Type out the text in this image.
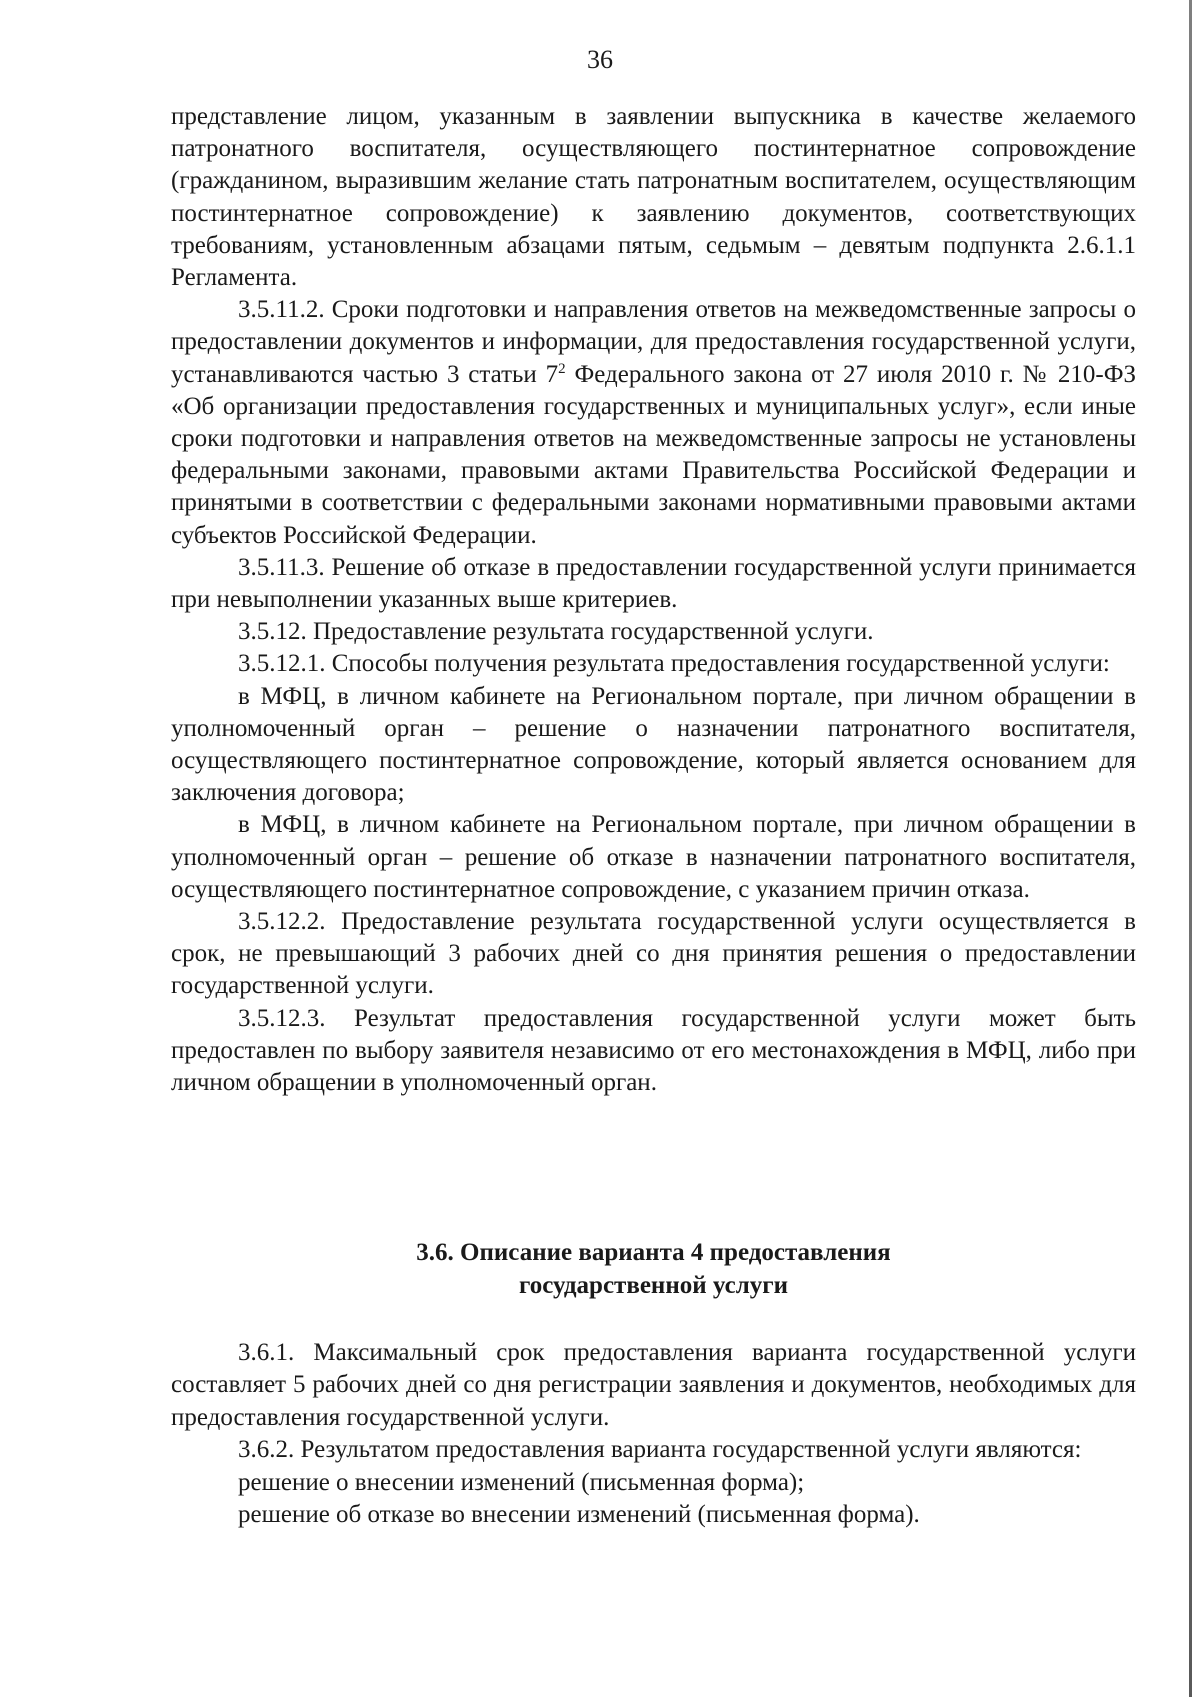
36

представление лицом, указанным в заявлении выпускника в качестве желаемого патронатного воспитателя, осуществляющего постинтернатное сопровождение (гражданином, выразившим желание стать патронатным воспитателем, осуществляющим постинтернатное сопровождение) к заявлению документов, соответствующих требованиям, установленным абзацами пятым, седьмым – девятым подпункта 2.6.1.1 Регламента.

3.5.11.2. Сроки подготовки и направления ответов на межведомственные запросы о предоставлении документов и информации, для предоставления государственной услуги, устанавливаются частью 3 статьи $7^2$ Федерального закона от 27 июля 2010 г. № 210-ФЗ «Об организации предоставления государственных и муниципальных услуг», если иные сроки подготовки и направления ответов на межведомственные запросы не установлены федеральными законами, правовыми актами Правительства Российской Федерации и принятыми в соответствии с федеральными законами нормативными правовыми актами субъектов Российской Федерации.

3.5.11.3. Решение об отказе в предоставлении государственной услуги принимается при невыполнении указанных выше критериев.

3.5.12. Предоставление результата государственной услуги.

3.5.12.1. Способы получения результата предоставления государственной услуги:

в МФЦ, в личном кабинете на Региональном портале, при личном обращении в уполномоченный орган – решение о назначении патронатного воспитателя, осуществляющего постинтернатное сопровождение, который является основанием для заключения договора;

в МФЦ, в личном кабинете на Региональном портале, при личном обращении в уполномоченный орган – решение об отказе в назначении патронатного воспитателя, осуществляющего постинтернатное сопровождение, с указанием причин отказа.

3.5.12.2. Предоставление результата государственной услуги осуществляется в срок, не превышающий 3 рабочих дней со дня принятия решения о предоставлении государственной услуги.

3.5.12.3. Результат предоставления государственной услуги может быть предоставлен по выбору заявителя независимо от его местонахождения в МФЦ, либо при личном обращении в уполномоченный орган.

3.6. Описание варианта 4 предоставления
государственной услуги

3.6.1. Максимальный срок предоставления варианта государственной услуги составляет 5 рабочих дней со дня регистрации заявления и документов, необходимых для предоставления государственной услуги.

3.6.2. Результатом предоставления варианта государственной услуги являются:

решение о внесении изменений (письменная форма);

решение об отказе во внесении изменений (письменная форма).
